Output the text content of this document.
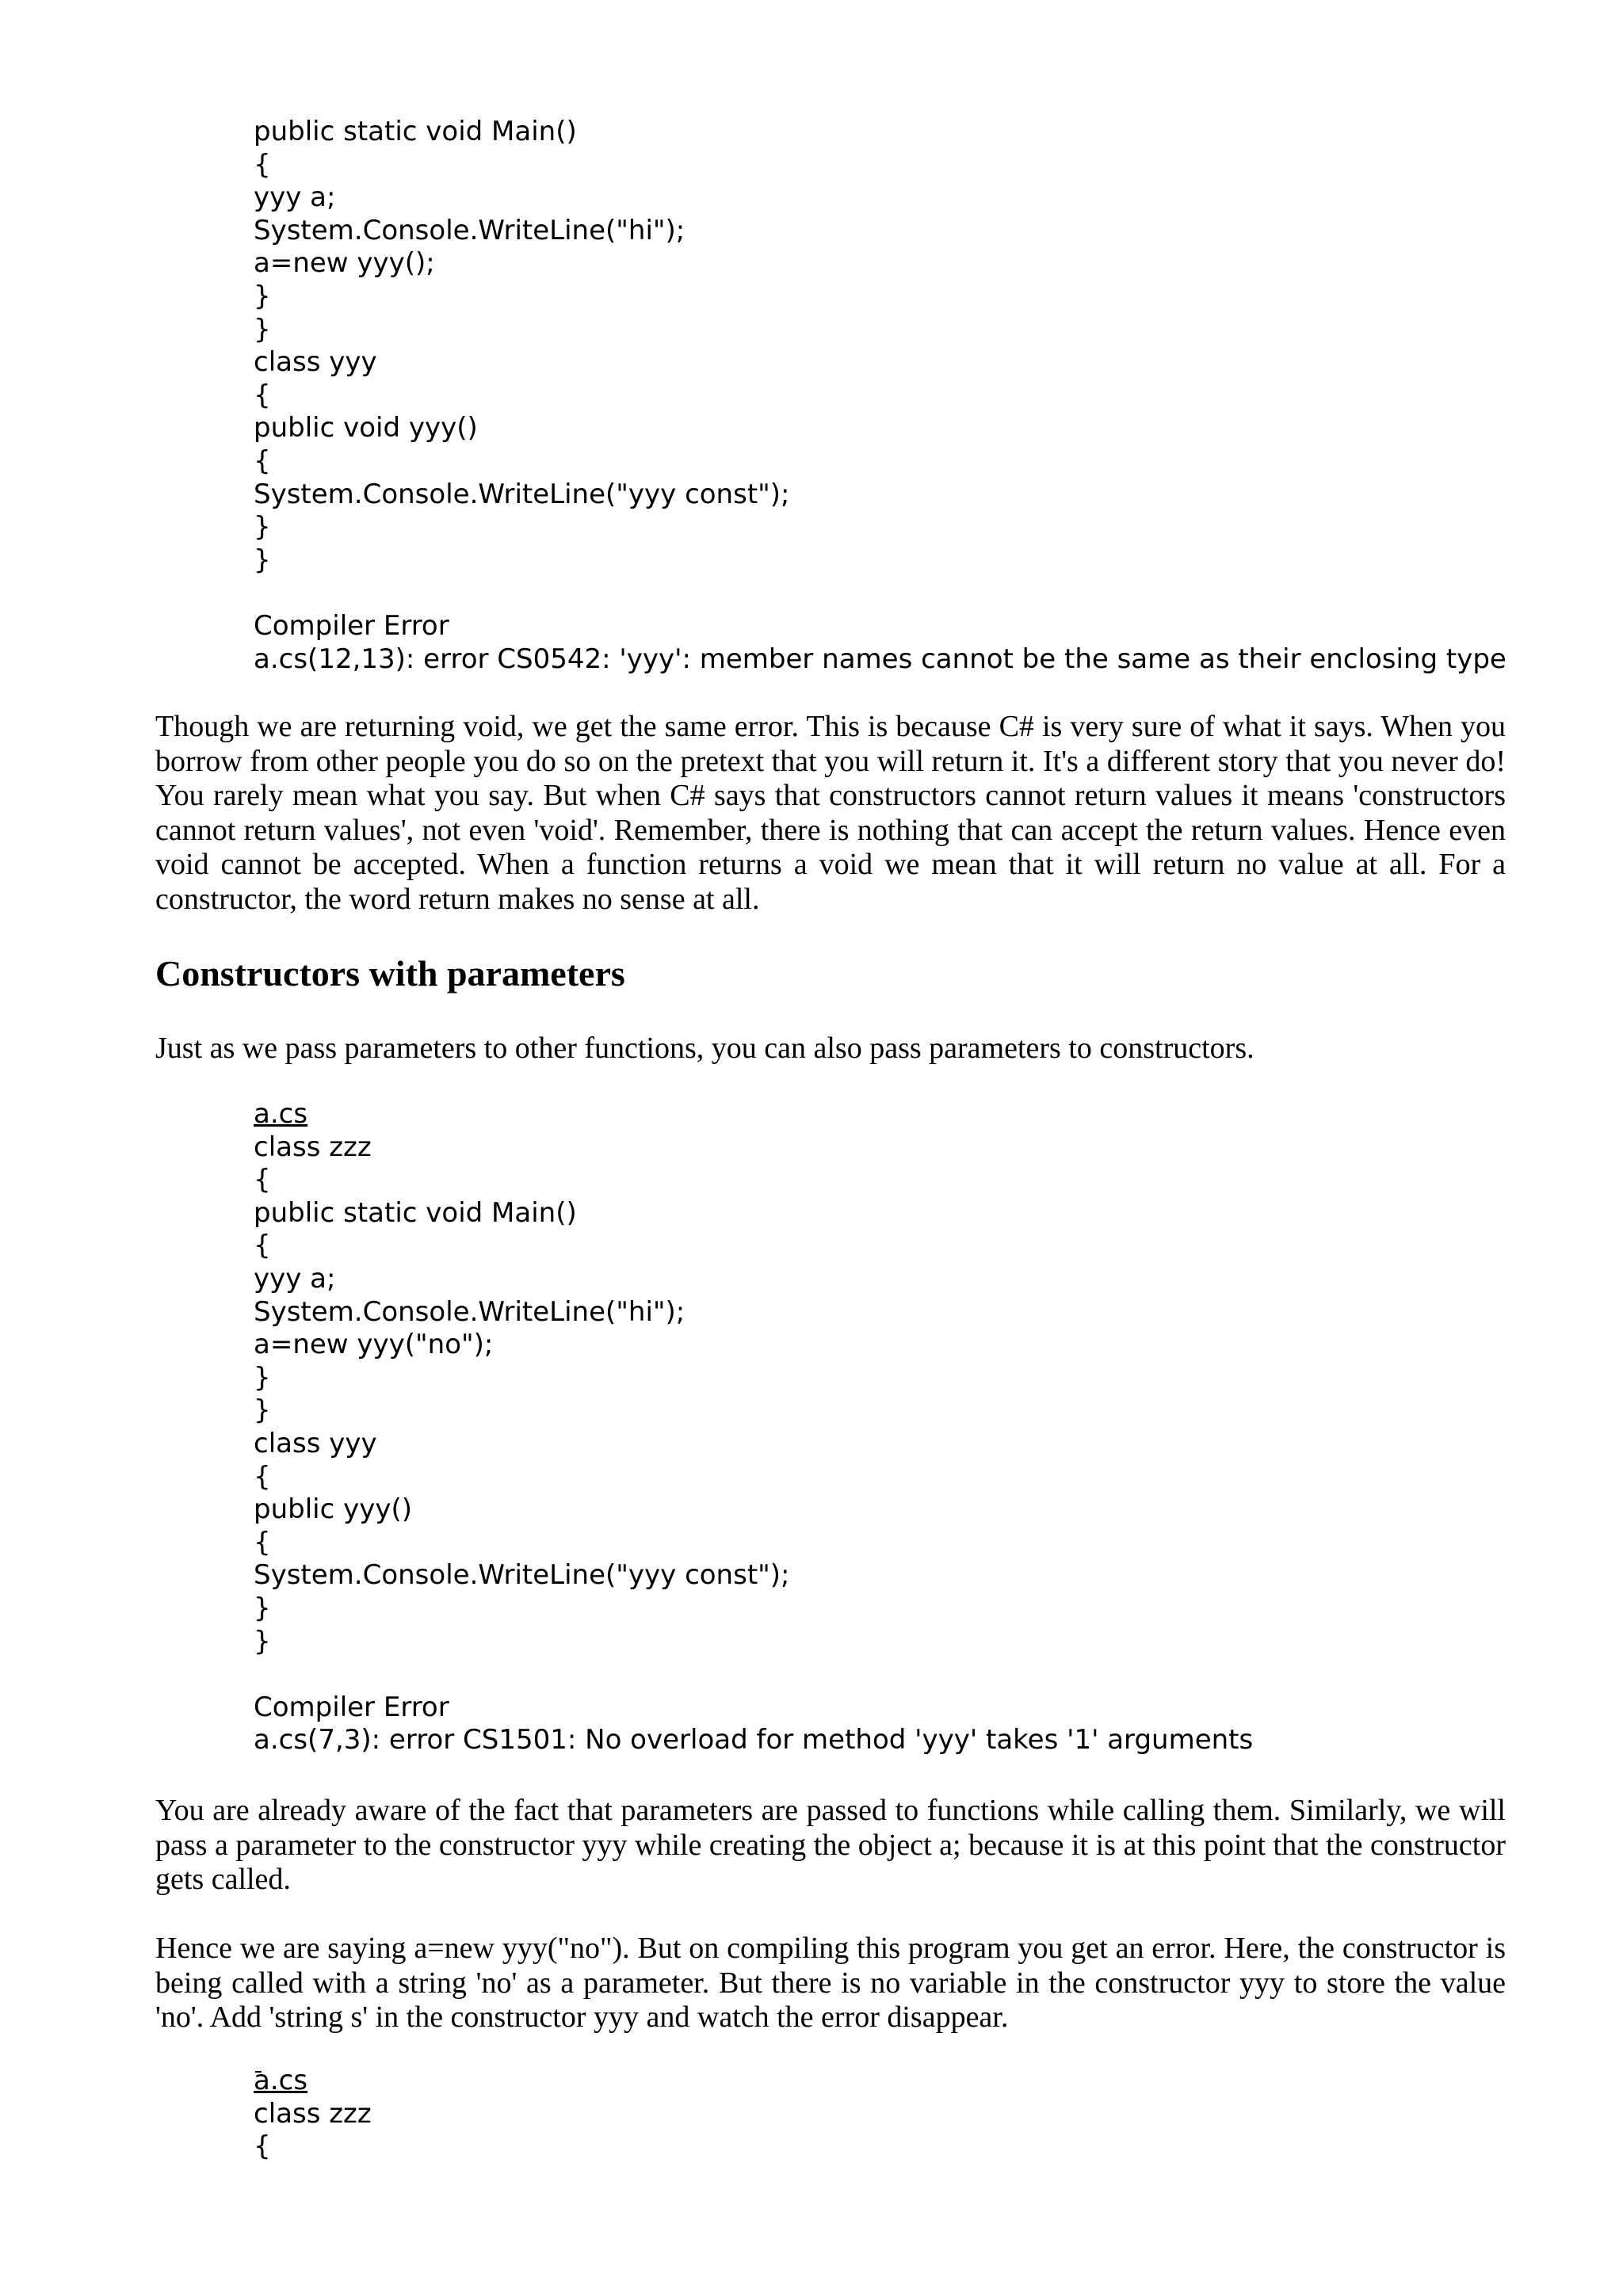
public static void Main()
{
yyy a;
System.Console.WriteLine("hi");
a=new yyy();
}
}
class yyy
{
public void yyy()
{
System.Console.WriteLine("yyy const");
}
}
Compiler Error
a.cs(12,13): error CS0542: 'yyy': member names cannot be the same as their enclosing type

Though we are returning void, we get the same error. This is because C# is very sure of what it says. When you borrow from other people you do so on the pretext that you will return it. It's a different story that you never do! You rarely mean what you say. But when C# says that constructors cannot return values it means 'constructors cannot return values', not even 'void'. Remember, there is nothing that can accept the return values. Hence even void cannot be accepted. When a function returns a void we mean that it will return no value at all. For a constructor, the word return makes no sense at all.

Constructors with parameters

Just as we pass parameters to other functions, you can also pass parameters to constructors.

a.cs
class zzz
{
public static void Main()
{
yyy a;
System.Console.WriteLine("hi");
a=new yyy("no");
}
}
class yyy
{
public yyy()
{
System.Console.WriteLine("yyy const");
}
}
Compiler Error
a.cs(7,3): error CS1501: No overload for method 'yyy' takes '1' arguments

You are already aware of the fact that parameters are passed to functions while calling them. Similarly, we will pass a parameter to the constructor yyy while creating the object a; because it is at this point that the constructor gets called.

Hence we are saying a=new yyy("no"). But on compiling this program you get an error. Here, the constructor is being called with a string 'no' as a parameter. But there is no variable in the constructor yyy to store the value 'no'. Add 'string s' in the constructor yyy and watch the error disappear.

a.cs
class zzz
{
